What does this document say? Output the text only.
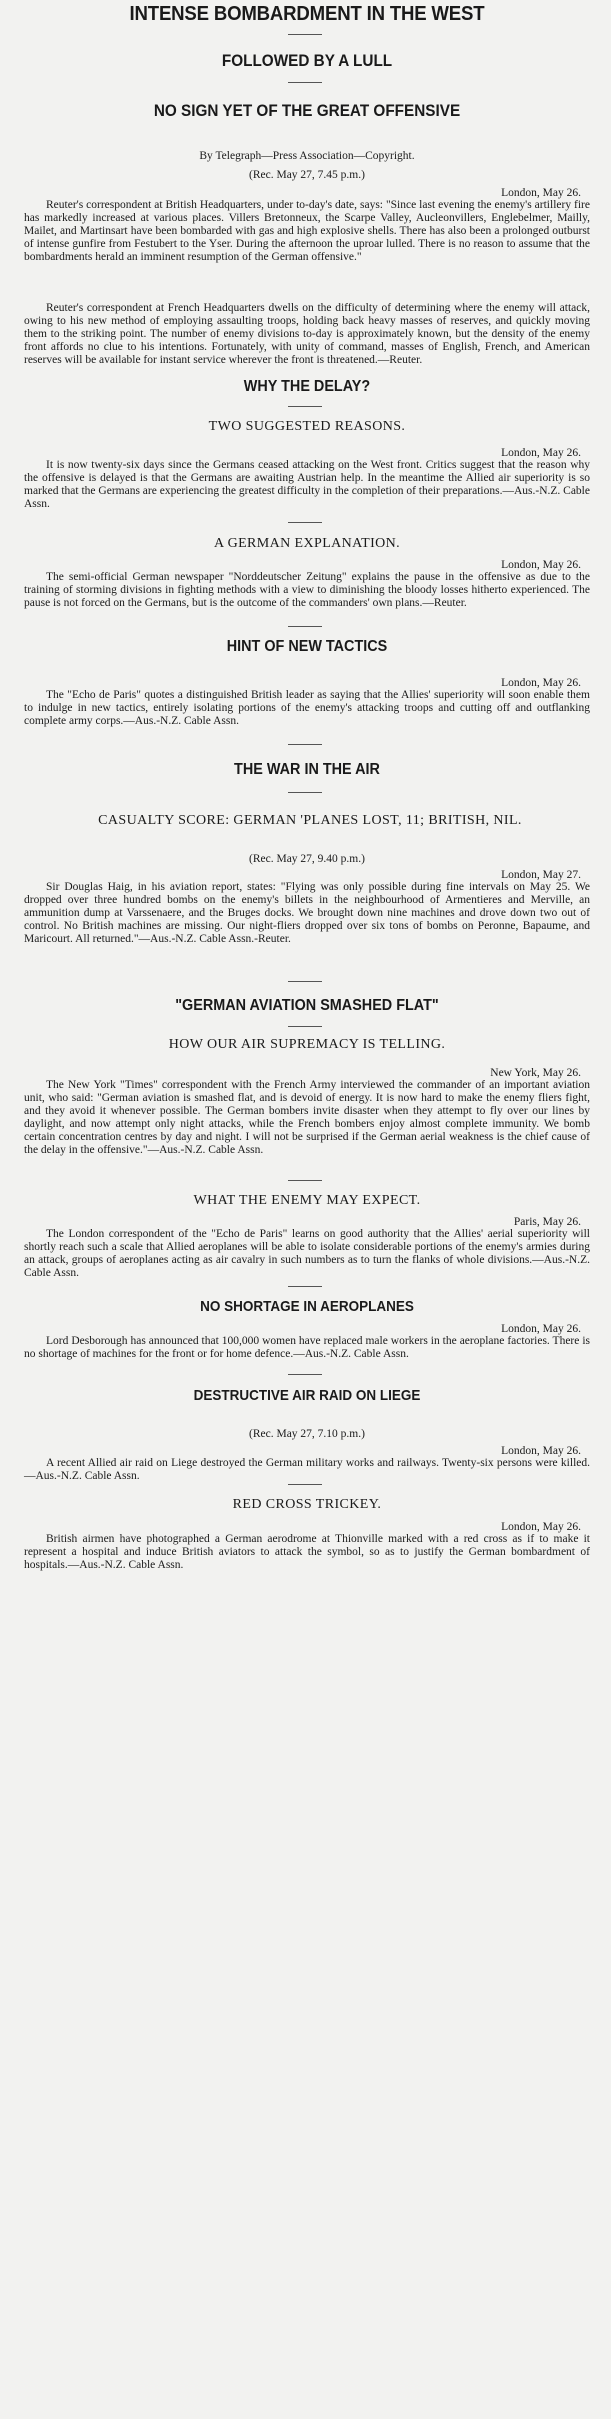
INTENSE BOMBARDMENT IN THE WEST
FOLLOWED BY A LULL
NO SIGN YET OF THE GREAT OFFENSIVE
By Telegraph—Press Association—Copyright.
(Rec. May 27, 7.45 p.m.)
London, May 26.

Reuter's correspondent at British Headquarters, under to-day's date, says: "Since last evening the enemy's artillery fire has markedly increased at various places. Villers Bretonneux, the Scarpe Valley, Aucleonvillers, Englebelmer, Mailly, Mailet, and Martinsart have been bombarded with gas and high explosive shells. There has also been a prolonged outburst of intense gunfire from Festubert to the Yser. During the afternoon the uproar lulled. There is no reason to assume that the bombardments herald an imminent resumption of the German offensive."

Reuter's correspondent at French Headquarters dwells on the difficulty of determining where the enemy will attack, owing to his new method of employing assaulting troops, holding back heavy masses of reserves, and quickly moving them to the striking point. The number of enemy divisions to-day is approximately known, but the density of the enemy front affords no clue to his intentions. Fortunately, with unity of command, masses of English, French, and American reserves will be available for instant service wherever the front is threatened.—Reuter.

WHY THE DELAY?
TWO SUGGESTED REASONS.
London, May 26.

It is now twenty-six days since the Germans ceased attacking on the West front. Critics suggest that the reason why the offensive is delayed is that the Germans are awaiting Austrian help. In the meantime the Allied air superiority is so marked that the Germans are experiencing the greatest difficulty in the completion of their preparations.—Aus.-N.Z. Cable Assn.

A GERMAN EXPLANATION.
London, May 26.

The semi-official German newspaper "Norddeutscher Zeitung" explains the pause in the offensive as due to the training of storming divisions in fighting methods with a view to diminishing the bloody losses hitherto experienced. The pause is not forced on the Germans, but is the outcome of the commanders' own plans.—Reuter.

HINT OF NEW TACTICS
London, May 26.

The "Echo de Paris" quotes a distinguished British leader as saying that the Allies' superiority will soon enable them to indulge in new tactics, entirely isolating portions of the enemy's attacking troops and cutting off and outflanking complete army corps.—Aus.-N.Z. Cable Assn.

THE WAR IN THE AIR
CASUALTY SCORE: GERMAN 'PLANES LOST, 11; BRITISH, NIL.
(Rec. May 27, 9.40 p.m.)
London, May 27.

Sir Douglas Haig, in his aviation report, states: "Flying was only possible during fine intervals on May 25. We dropped over three hundred bombs on the enemy's billets in the neighbourhood of Armentieres and Merville, an ammunition dump at Varssenaere, and the Bruges docks. We brought down nine machines and drove down two out of control. No British machines are missing. Our night-fliers dropped over six tons of bombs on Peronne, Bapaume, and Maricourt. All returned."—Aus.-N.Z. Cable Assn.-Reuter.

"GERMAN AVIATION SMASHED FLAT"
HOW OUR AIR SUPREMACY IS TELLING.
New York, May 26.

The New York "Times" correspondent with the French Army interviewed the commander of an important aviation unit, who said: "German aviation is smashed flat, and is devoid of energy. It is now hard to make the enemy fliers fight, and they avoid it whenever possible. The German bombers invite disaster when they attempt to fly over our lines by daylight, and now attempt only night attacks, while the French bombers enjoy almost complete immunity. We bomb certain concentration centres by day and night. I will not be surprised if the German aerial weakness is the chief cause of the delay in the offensive."—Aus.-N.Z. Cable Assn.

WHAT THE ENEMY MAY EXPECT.
Paris, May 26.

The London correspondent of the "Echo de Paris" learns on good authority that the Allies' aerial superiority will shortly reach such a scale that Allied aeroplanes will be able to isolate considerable portions of the enemy's armies during an attack, groups of aeroplanes acting as air cavalry in such numbers as to turn the flanks of whole divisions.—Aus.-N.Z. Cable Assn.

NO SHORTAGE IN AEROPLANES
London, May 26.

Lord Desborough has announced that 100,000 women have replaced male workers in the aeroplane factories. There is no shortage of machines for the front or for home defence.—Aus.-N.Z. Cable Assn.

DESTRUCTIVE AIR RAID ON LIEGE
(Rec. May 27, 7.10 p.m.)
London, May 26.

A recent Allied air raid on Liege destroyed the German military works and railways. Twenty-six persons were killed.—Aus.-N.Z. Cable Assn.

RED CROSS TRICKEY.
London, May 26.

British airmen have photographed a German aerodrome at Thionville marked with a red cross as if to make it represent a hospital and induce British aviators to attack the symbol, so as to justify the German bombardment of hospitals.—Aus.-N.Z. Cable Assn.
